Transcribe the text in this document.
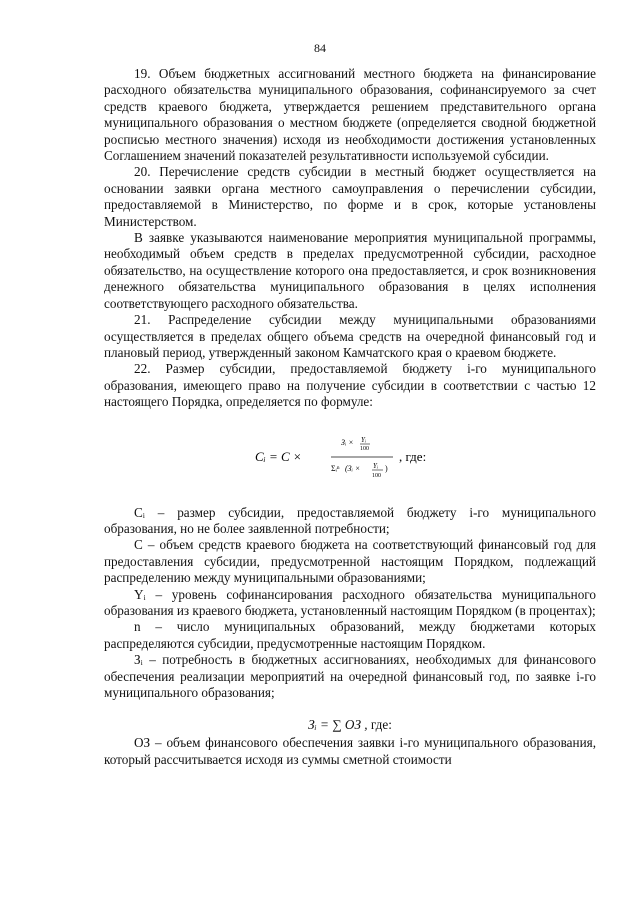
84

19. Объем бюджетных ассигнований местного бюджета на финансирование расходного обязательства муниципального образования, софинансируемого за счет средств краевого бюджета, утверждается решением представительного органа муниципального образования о местном бюджете (определяется сводной бюджетной росписью местного значения) исходя из необходимости достижения установленных Соглашением значений показателей результативности используемой субсидии.

20. Перечисление средств субсидии в местный бюджет осуществляется на основании заявки органа местного самоуправления о перечислении субсидии, предоставляемой в Министерство, по форме и в срок, которые установлены Министерством.

В заявке указываются наименование мероприятия муниципальной программы, необходимый объем средств в пределах предусмотренной субсидии, расходное обязательство, на осуществление которого она предоставляется, и срок возникновения денежного обязательства муниципального образования в целях исполнения соответствующего расходного обязательства.

21. Распределение субсидии между муниципальными образованиями осуществляется в пределах общего объема средств на очередной финансовый год и плановый период, утвержденный законом Камчатского края о краевом бюджете.

22. Размер субсидии, предоставляемой бюджету i-го муниципального образования, имеющего право на получение субсидии в соответствии с частью 12 настоящего Порядка, определяется по формуле:

Cᵢ = C ×
Зᵢ × Yᵢ
100
Σᵢⁿ (Зᵢ × Yᵢ
100
)
, где:

Cᵢ – размер субсидии, предоставляемой бюджету i-го муниципального образования, но не более заявленной потребности;

С – объем средств краевого бюджета на соответствующий финансовый год для предоставления субсидии, предусмотренной настоящим Порядком, подлежащий распределению между муниципальными образованиями;

Yᵢ – уровень софинансирования расходного обязательства муниципального образования из краевого бюджета, установленный настоящим Порядком (в процентах);

n – число муниципальных образований, между бюджетами которых распределяются субсидии, предусмотренные настоящим Порядком.

Зᵢ – потребность в бюджетных ассигнованиях, необходимых для финансового обеспечения реализации мероприятий на очередной финансовый год, по заявке i-го муниципального образования;

Зᵢ = ∑ ОЗ , где:

ОЗ – объем финансового обеспечения заявки i-го муниципального образования, который рассчитывается исходя из суммы сметной стоимости
